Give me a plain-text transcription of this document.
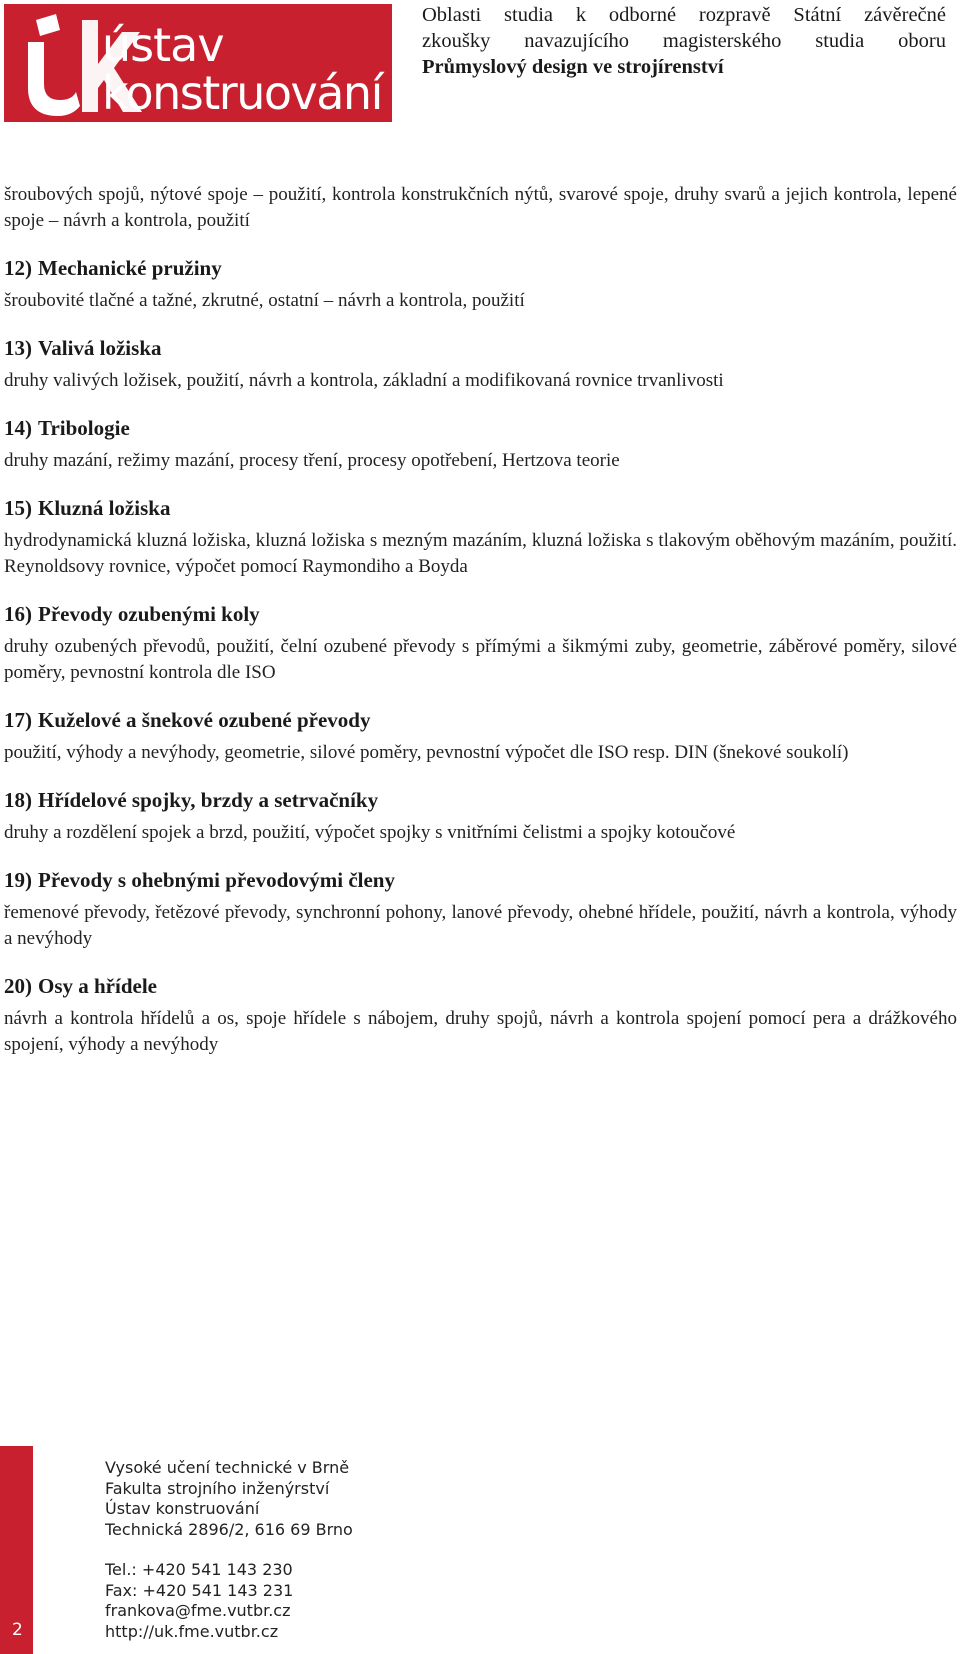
ústav
konstruování
Oblasti studia k odborné rozpravě Státní závěrečné
zkoušky navazujícího magisterského studia oboru
Průmyslový design ve strojírenství

šroubových spojů, nýtové spoje – použití, kontrola konstrukčních nýtů, svarové spoje, druhy svarů a jejich kontrola, lepené spoje – návrh a kontrola, použití

12) Mechanické pružiny

šroubovité tlačné a tažné, zkrutné, ostatní – návrh a kontrola, použití

13) Valivá ložiska

druhy valivých ložisek, použití, návrh a kontrola, základní a modifikovaná rovnice trvanlivosti

14) Tribologie

druhy mazání, režimy mazání, procesy tření, procesy opotřebení, Hertzova teorie

15) Kluzná ložiska

hydrodynamická kluzná ložiska, kluzná ložiska s mezným mazáním, kluzná ložiska s tlakovým oběhovým mazáním, použití. Reynoldsovy rovnice, výpočet pomocí Raymondiho a Boyda

16) Převody ozubenými koly

druhy ozubených převodů, použití, čelní ozubené převody s přímými a šikmými zuby, geometrie, záběrové poměry, silové poměry, pevnostní kontrola dle ISO

17) Kuželové a šnekové ozubené převody

použití, výhody a nevýhody, geometrie, silové poměry, pevnostní výpočet dle ISO resp. DIN (šnekové soukolí)

18) Hřídelové spojky, brzdy a setrvačníky

druhy a rozdělení spojek a brzd, použití, výpočet spojky s vnitřními čelistmi a spojky kotoučové

19) Převody s ohebnými převodovými členy

řemenové převody, řetězové převody, synchronní pohony, lanové převody, ohebné hřídele, použití, návrh a kontrola, výhody a nevýhody

20) Osy a hřídele

návrh a kontrola hřídelů a os, spoje hřídele s nábojem, druhy spojů, návrh a kontrola spojení pomocí pera a drážkového spojení, výhody a nevýhody

2
Vysoké učení technické v Brně
Fakulta strojního inženýrství
Ústav konstruování
Technická 2896/2, 616 69 Brno
Tel.: +420 541 143 230
Fax: +420 541 143 231
frankova@fme.vutbr.cz
http://uk.fme.vutbr.cz
